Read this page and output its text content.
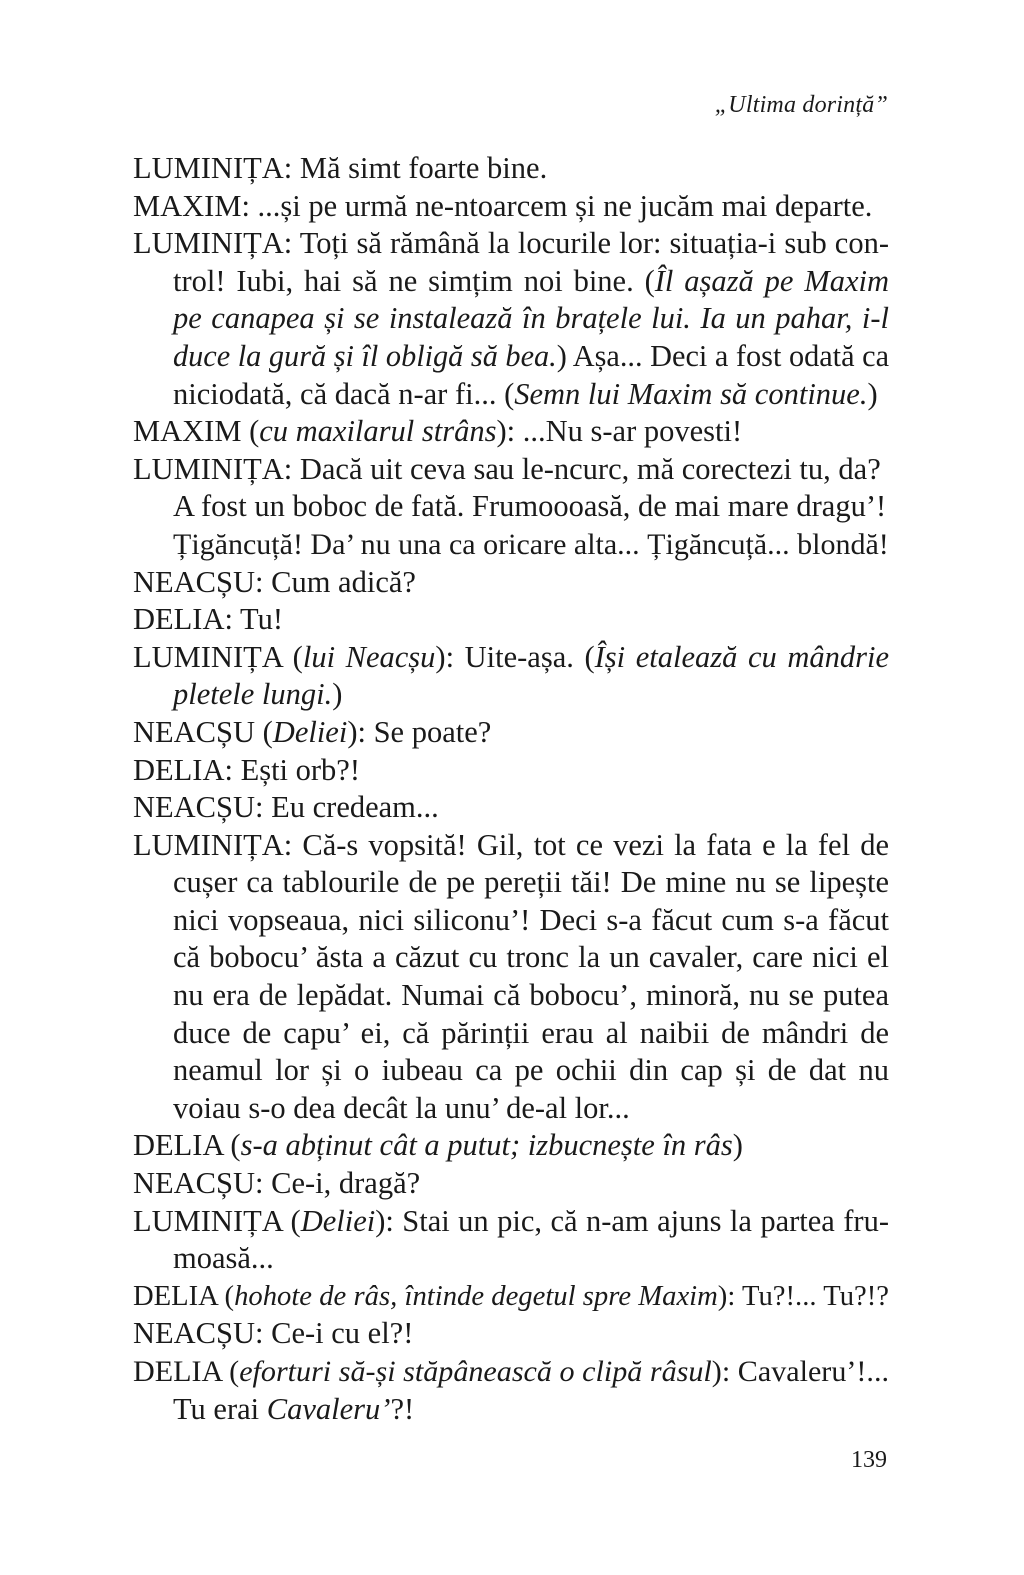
„Ultima dorință”
LUMINIȚA: Mă simt foarte bine.
MAXIM: ...și pe urmă ne-ntoarcem și ne jucăm mai departe.
LUMINIȚA: Toți să rămână la locurile lor: situația-i sub con-
trol! Iubi, hai să ne simțim noi bine. (Îl așază pe Maxim
pe canapea și se instalează în brațele lui. Ia un pahar, i-l
duce la gură și îl obligă să bea.) Așa... Deci a fost odată ca
niciodată, că dacă n-ar fi... (Semn lui Maxim să continue.)
MAXIM (cu maxilarul strâns): ...Nu s-ar povesti!
LUMINIȚA: Dacă uit ceva sau le-ncurc, mă corectezi tu, da?
A fost un boboc de fată. Frumoooasă, de mai mare dragu’!
Țigăncuță! Da’ nu una ca oricare alta... Țigăncuță... blondă!
NEACȘU: Cum adică?
DELIA: Tu!
LUMINIȚA (lui Neacșu): Uite-așa. (Își etalează cu mândrie
pletele lungi.)
NEACȘU (Deliei): Se poate?
DELIA: Ești orb?!
NEACȘU: Eu credeam...
LUMINIȚA: Că-s vopsită! Gil, tot ce vezi la fata e la fel de
cușer ca tablourile de pe pereții tăi! De mine nu se lipește
nici vopseaua, nici siliconu’! Deci s-a făcut cum s-a făcut
că bobocu’ ăsta a căzut cu tronc la un cavaler, care nici el
nu era de lepădat. Numai că bobocu’, minoră, nu se putea
duce de capu’ ei, că părinții erau al naibii de mândri de
neamul lor și o iubeau ca pe ochii din cap și de dat nu
voiau s-o dea decât la unu’ de-al lor...
DELIA (s-a abținut cât a putut; izbucnește în râs)
NEACȘU: Ce-i, dragă?
LUMINIȚA (Deliei): Stai un pic, că n-am ajuns la partea fru-
moasă...
DELIA (hohote de râs, întinde degetul spre Maxim): Tu?!... Tu?!?
NEACȘU: Ce-i cu el?!
DELIA (eforturi să-și stăpânească o clipă râsul): Cavaleru’!...
Tu erai Cavaleru’?!
139
